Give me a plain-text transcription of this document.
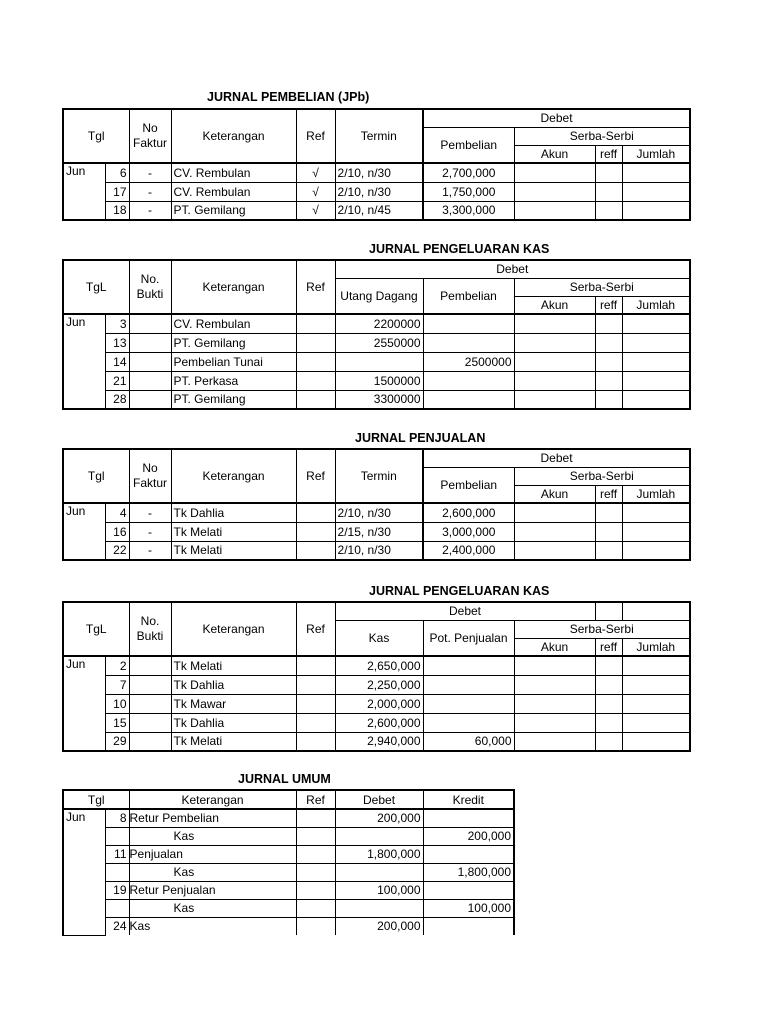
JURNAL PEMBELIAN (JPb)
Tgl		No
Faktur	Keterangan	Ref	Termin	Debet			
						Pembelian	Serba-Serbi		
							Akun	reff	Jumlah
Jun	6	-	CV. Rembulan	√	2/10, n/30	2,700,000			
	17	-	CV. Rembulan	√	2/10, n/30	1,750,000			
	18	-	PT. Gemilang	√	2/10, n/45	3,300,000			
JURNAL PENGELUARAN KAS
TgL		No.
Bukti	Keterangan	Ref	Debet				
					Utang Dagang	Pembelian	Serba-Serbi		
							Akun	reff	Jumlah
Jun	3		CV. Rembulan		2200000				
	13		PT. Gemilang		2550000				
	14		Pembelian Tunai			2500000			
	21		PT. Perkasa		1500000				
	28		PT. Gemilang		3300000				
JURNAL PENJUALAN
Tgl		No
Faktur	Keterangan	Ref	Termin	Debet			
						Pembelian	Serba-Serbi		
							Akun	reff	Jumlah
Jun	4	-	Tk Dahlia		2/10, n/30	2,600,000			
	16	-	Tk Melati		2/15, n/30	3,000,000			
	22	-	Tk Melati		2/10, n/30	2,400,000			
JURNAL PENGELUARAN KAS
TgL		No.
Bukti	Keterangan	Ref	Debet				
					Kas	Pot. Penjualan	Serba-Serbi		
							Akun	reff	Jumlah
Jun	2		Tk Melati		2,650,000				
	7		Tk Dahlia		2,250,000				
	10		Tk Mawar		2,000,000				
	15		Tk Dahlia		2,600,000				
	29		Tk Melati		2,940,000	60,000			
JURNAL UMUM
Tgl		Keterangan	Ref	Debet	Kredit
Jun	8	Retur Pembelian		200,000	
		Kas			200,000
	11	Penjualan		1,800,000	
		Kas			1,800,000
	19	Retur Penjualan		100,000	
		Kas			100,000
	24	Kas		200,000	
